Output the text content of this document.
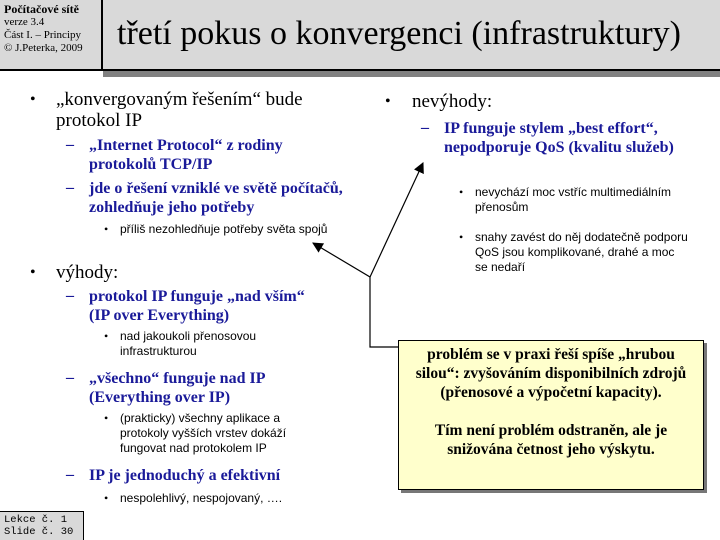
Počítačové sítě
verze 3.4
Část I. – Principy
© J.Peterka, 2009	třetí pokus o konvergenci (infrastruktury)
• „konvergovaným řešením“ bude protokol IP
– „Internet Protocol“ z rodiny protokolů TCP/IP
– jde o řešení vzniklé ve světě počítačů, zohledňuje jeho potřeby
• příliš nezohledňuje potřeby světa spojů
• výhody:
– protokol IP funguje „nad vším“ (IP over Everything)
• nad jakoukoli přenosovou infrastrukturou
– „všechno“ funguje nad IP (Everything over IP)
• (prakticky) všechny aplikace a protokoly vyšších vrstev dokáží fungovat nad protokolem IP
– IP je jednoduchý a efektivní
• nespolehlivý, nespojovaný, ….
• nevýhody:
– IP funguje stylem „best effort“, nepodporuje QoS (kvalitu služeb)
• nevychází moc vstříc multimediálním přenosům
• snahy zavést do něj dodatečně podporu QoS jsou komplikované, drahé a moc se nedaří
problém se v praxi řeší spíše „hrubou silou“: zvyšováním disponibilních zdrojů (přenosové a výpočetní kapacity).
Tím není problém odstraněn, ale je snižována četnost jeho výskytu.
Lekce č. 1
Slide č. 30
